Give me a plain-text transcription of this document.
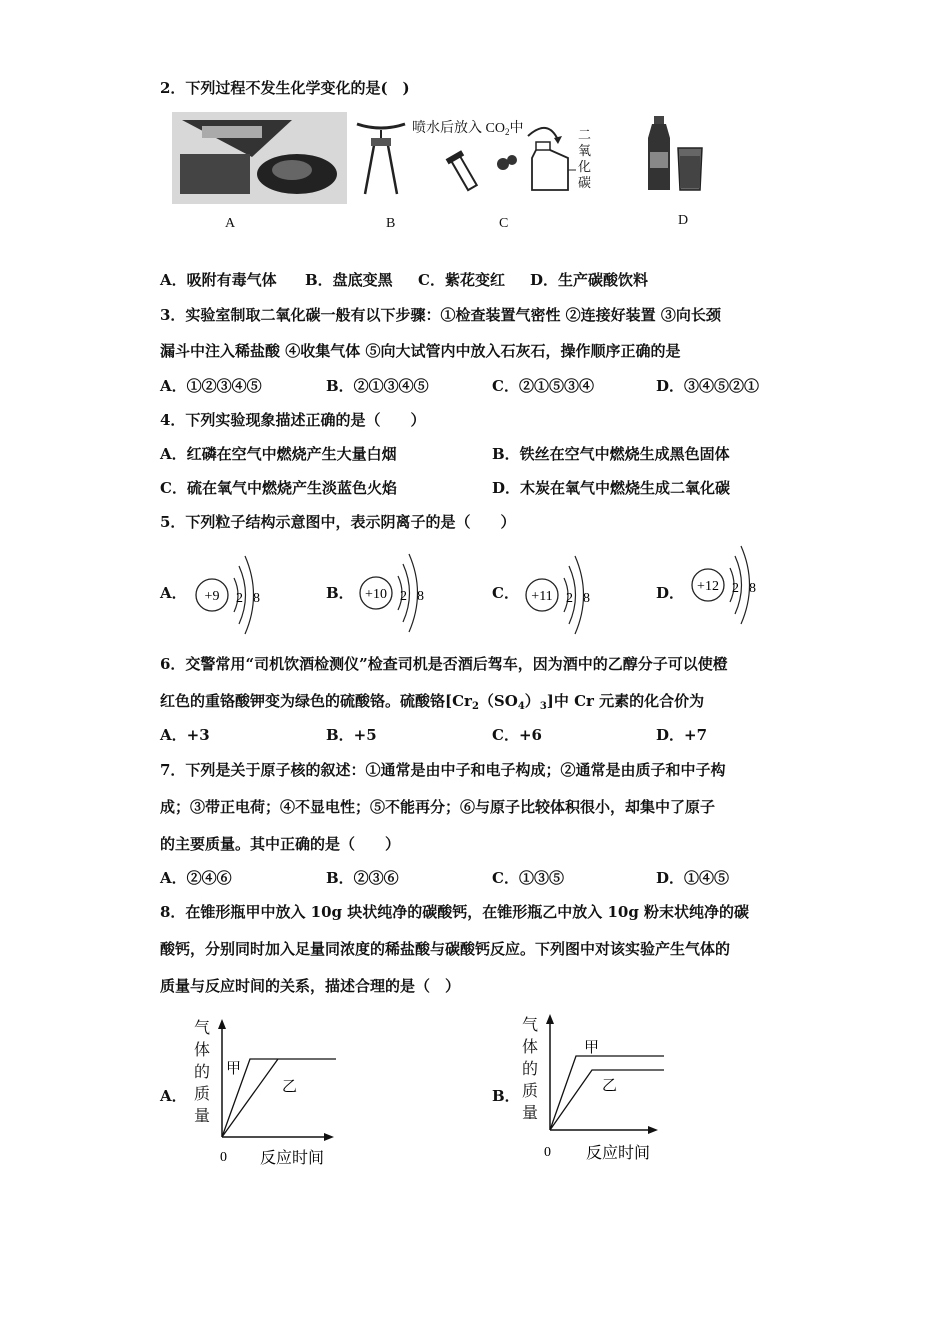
2．下列过程不发生化学变化的是(　)
喷水后放入 $CO_2$中	二氧化碳
A	B	C	D
A．吸附有毒气体 B．盘底变黑 C．紫花变红 D．生产碳酸饮料
3．实验室制取二氧化碳一般有以下步骤：①检查装置气密性 ②连接好装置 ③向长颈
漏斗中注入稀盐酸 ④收集气体 ⑤向大试管内中放入石灰石，操作顺序正确的是
A．①②③④⑤	B．②①③④⑤	C．②①⑤③④	D．③④⑤②①
4．下列实验现象描述正确的是（　　）
A．红磷在空气中燃烧产生大量白烟	B．铁丝在空气中燃烧生成黑色固体
C．硫在氧气中燃烧产生淡蓝色火焰	D．木炭在氧气中燃烧生成二氧化碳
5．下列粒子结构示意图中，表示阴离子的是（　　）
A． +9 2 8	B． +10 2 8	C． +11 2 8	D． +12 2 8
6．交警常用“司机饮酒检测仪”检查司机是否酒后驾车，因为酒中的乙醇分子可以使橙
红色的重铬酸钾变为绿色的硫酸铬。硫酸铬$[Cr_2(SO_4)_3]$中 Cr 元素的化合价为
A．+3	B．+5	C．+6	D．+7
7．下列是关于原子核的叙述：①通常是由中子和电子构成；②通常是由质子和中子构
成；③带正电荷；④不显电性；⑤不能再分；⑥与原子比较体积很小，却集中了原子
的主要质量。其中正确的是（　　）
A．②④⑥	B．②③⑥	C．①③⑤	D．①④⑤
8．在锥形瓶甲中放入 10g 块状纯净的碳酸钙，在锥形瓶乙中放入 10g 粉末状纯净的碳
酸钙，分别同时加入足量同浓度的稀盐酸与碳酸钙反应。下列图中对该实验产生气体的
质量与反应时间的关系，描述合理的是（　）
A．
气
体
的
质
量
甲
乙
0 反应时间
B．
气
体
的
质
量
甲
乙
0 反应时间
